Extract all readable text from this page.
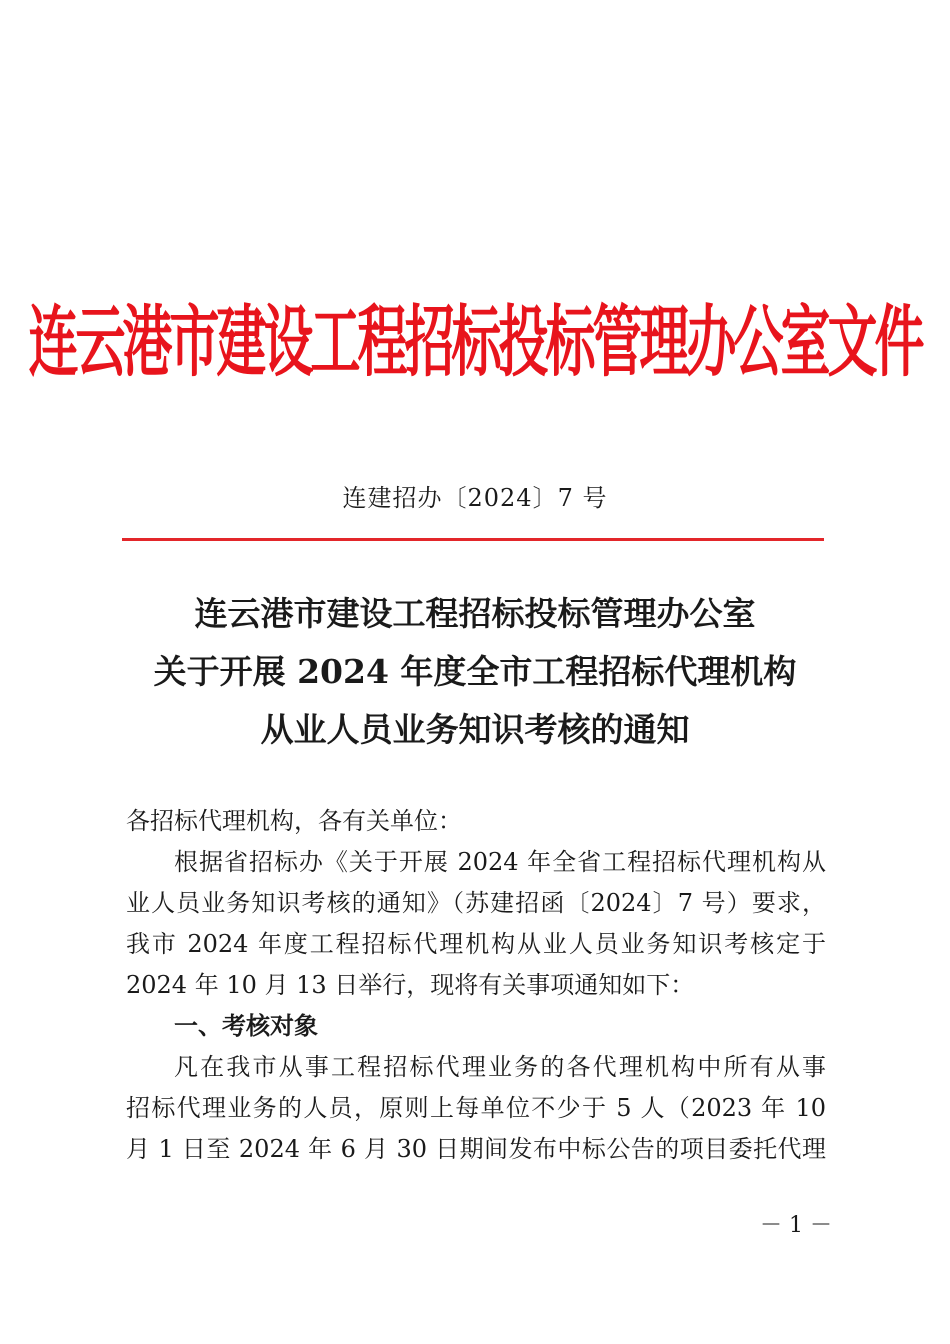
连云港市建设工程招标投标管理办公室文件
连建招办〔2024〕7 号
连云港市建设工程招标投标管理办公室
关于开展 2024 年度全市工程招标代理机构
从业人员业务知识考核的通知

各招标代理机构，各有关单位：

根据省招标办《关于开展 2024 年全省工程招标代理机构从

业人员业务知识考核的通知》（苏建招函〔2024〕7 号）要求，

我市 2024 年度工程招标代理机构从业人员业务知识考核定于

2024 年 10 月 13 日举行，现将有关事项通知如下：

一、考核对象

凡在我市从事工程招标代理业务的各代理机构中所有从事

招标代理业务的人员，原则上每单位不少于 5 人（2023 年 10

月 1 日至 2024 年 6 月 30 日期间发布中标公告的项目委托代理

－ 1 －
